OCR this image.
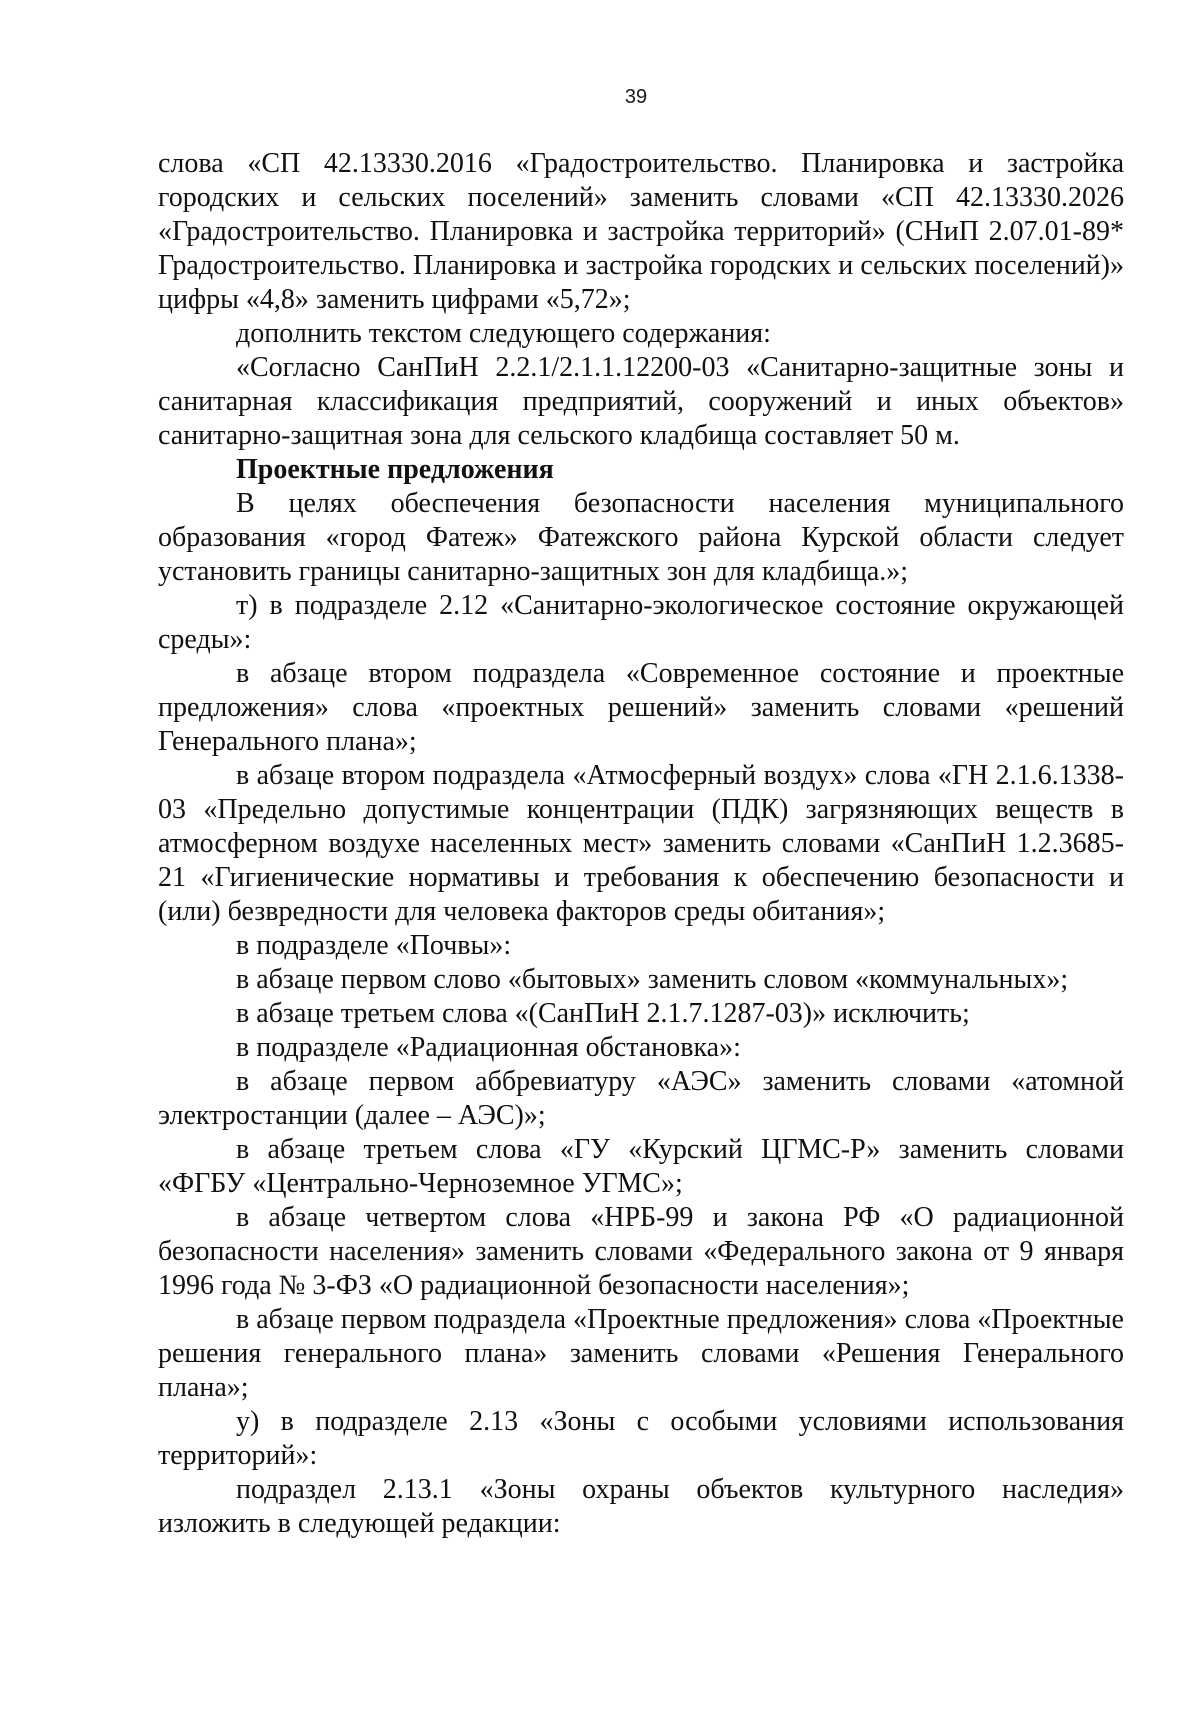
39

слова «СП 42.13330.2016 «Градостроительство. Планировка и застройка городских и сельских поселений» заменить словами «СП 42.13330.2026 «Градостроительство. Планировка и застройка территорий» (СНиП 2.07.01-89* Градостроительство. Планировка и застройка городских и сельских поселений)» цифры «4,8» заменить цифрами «5,72»;

дополнить текстом следующего содержания:

«Согласно СанПиН 2.2.1/2.1.1.12200-03 «Санитарно-защитные зоны и санитарная классификация предприятий, сооружений и иных объектов» санитарно-защитная зона для сельского кладбища составляет 50 м.

Проектные предложения

В целях обеспечения безопасности населения муниципального образования «город Фатеж» Фатежского района Курской области следует установить границы санитарно-защитных зон для кладбища.»;

т) в подразделе 2.12 «Санитарно-экологическое состояние окружающей среды»:

в абзаце втором подраздела «Современное состояние и проектные предложения» слова «проектных решений» заменить словами «решений Генерального плана»;

в абзаце втором подраздела «Атмосферный воздух» слова «ГН 2.1.6.1338-03 «Предельно допустимые концентрации (ПДК) загрязняющих веществ в атмосферном воздухе населенных мест» заменить словами «СанПиН 1.2.3685-21 «Гигиенические нормативы и требования к обеспечению безопасности и (или) безвредности для человека факторов среды обитания»;

в подразделе «Почвы»:

в абзаце первом слово «бытовых» заменить словом «коммунальных»;

в абзаце третьем слова «(СанПиН 2.1.7.1287-03)» исключить;

в подразделе «Радиационная обстановка»:

в абзаце первом аббревиатуру «АЭС» заменить словами «атомной электростанции (далее – АЭС)»;

в абзаце третьем слова «ГУ «Курский ЦГМС-Р» заменить словами «ФГБУ «Центрально-Черноземное УГМС»;

в абзаце четвертом слова «НРБ-99 и закона РФ «О радиационной безопасности населения» заменить словами «Федерального закона от 9 января 1996 года № 3-ФЗ «О радиационной безопасности населения»;

в абзаце первом подраздела «Проектные предложения» слова «Проектные решения генерального плана» заменить словами «Решения Генерального плана»;

у) в подразделе 2.13 «Зоны с особыми условиями использования территорий»:

подраздел 2.13.1 «Зоны охраны объектов культурного наследия» изложить в следующей редакции:
